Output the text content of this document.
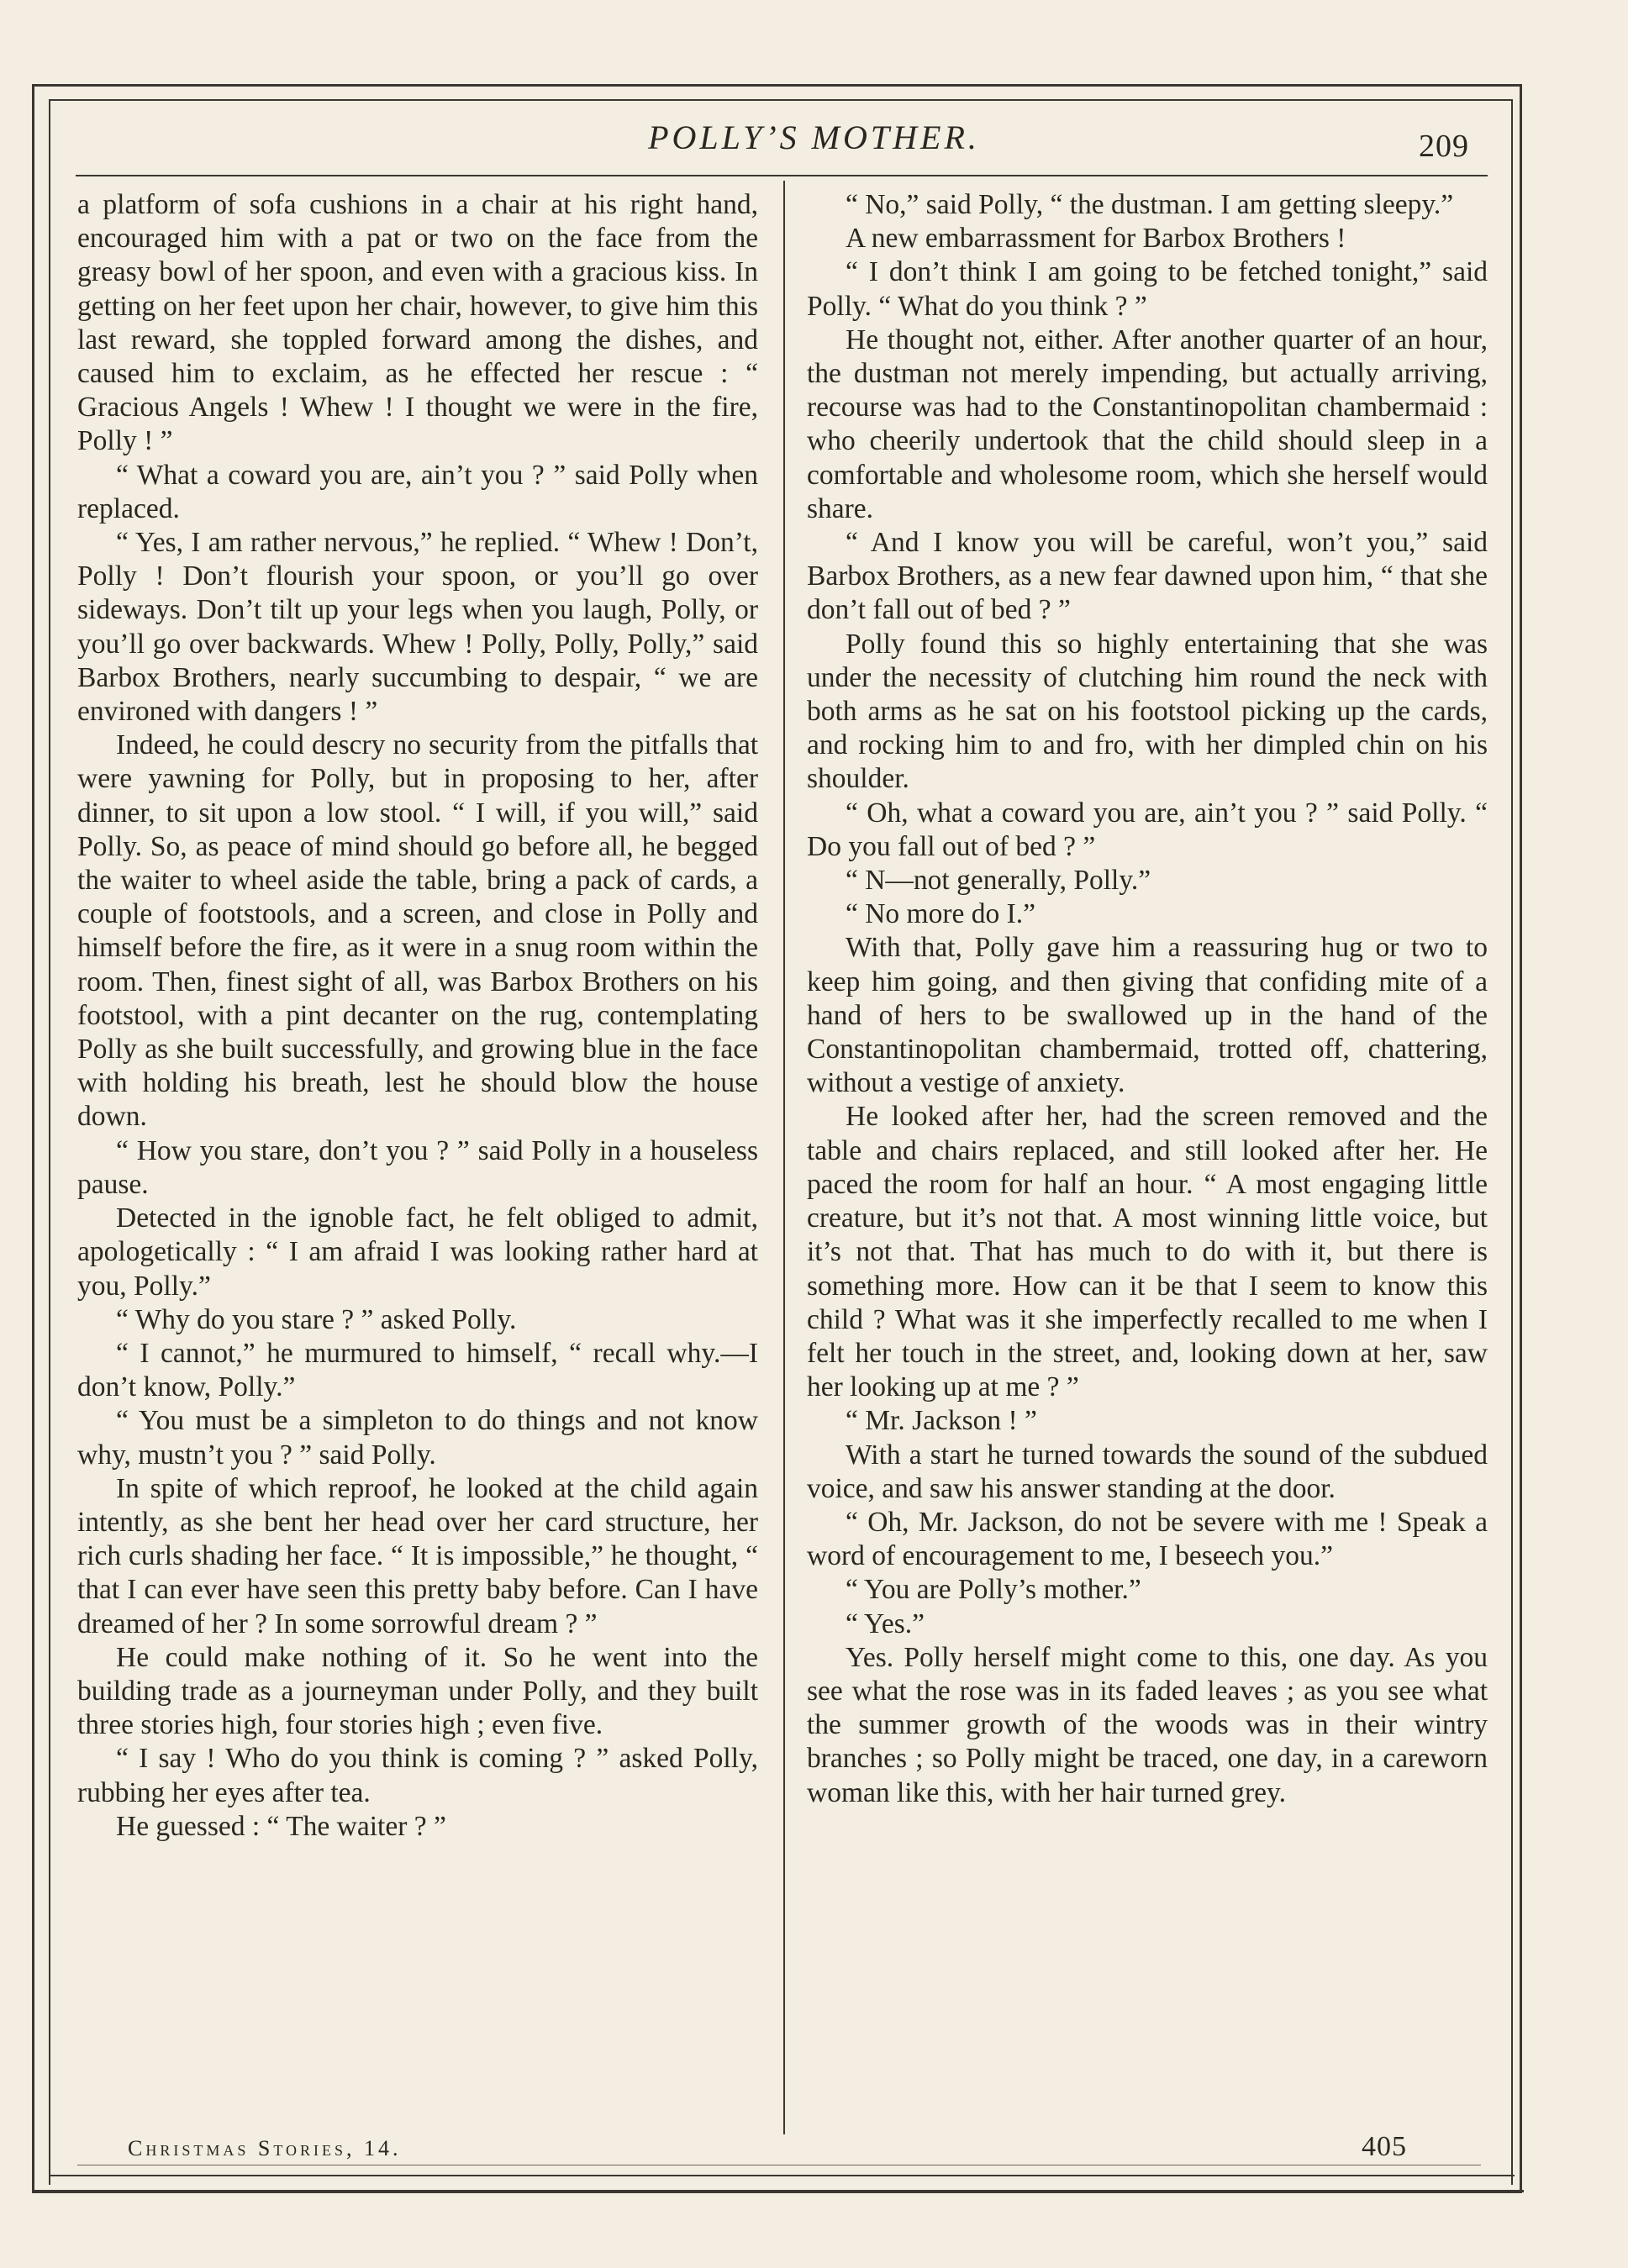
POLLY’S MOTHER.	209

a platform of sofa cushions in a chair at his right hand, encouraged him with a pat or two on the face from the greasy bowl of her spoon, and even with a gracious kiss. In getting on her feet upon her chair, however, to give him this last reward, she toppled forward among the dishes, and caused him to exclaim, as he effected her rescue : “ Gracious Angels ! Whew ! I thought we were in the fire, Polly ! ”

“ What a coward you are, ain’t you ? ” said Polly when replaced.

“ Yes, I am rather nervous,” he replied. “ Whew ! Don’t, Polly ! Don’t flourish your spoon, or you’ll go over sideways. Don’t tilt up your legs when you laugh, Polly, or you’ll go over backwards. Whew ! Polly, Polly, Polly,” said Barbox Brothers, nearly succumbing to despair, “ we are environed with dangers ! ”

Indeed, he could descry no security from the pitfalls that were yawning for Polly, but in proposing to her, after dinner, to sit upon a low stool. “ I will, if you will,” said Polly. So, as peace of mind should go before all, he begged the waiter to wheel aside the table, bring a pack of cards, a couple of footstools, and a screen, and close in Polly and himself before the fire, as it were in a snug room within the room. Then, finest sight of all, was Barbox Brothers on his footstool, with a pint decanter on the rug, contemplating Polly as she built successfully, and growing blue in the face with holding his breath, lest he should blow the house down.

“ How you stare, don’t you ? ” said Polly in a houseless pause.

Detected in the ignoble fact, he felt obliged to admit, apologetically : “ I am afraid I was looking rather hard at you, Polly.”

“ Why do you stare ? ” asked Polly.

“ I cannot,” he murmured to himself, “ recall why.—I don’t know, Polly.”

“ You must be a simpleton to do things and not know why, mustn’t you ? ” said Polly.

In spite of which reproof, he looked at the child again intently, as she bent her head over her card structure, her rich curls shading her face. “ It is impossible,” he thought, “ that I can ever have seen this pretty baby before. Can I have dreamed of her ? In some sorrowful dream ? ”

He could make nothing of it. So he went into the building trade as a journeyman under Polly, and they built three stories high, four stories high ; even five.

“ I say ! Who do you think is coming ? ” asked Polly, rubbing her eyes after tea.

He guessed : “ The waiter ? ”

“ No,” said Polly, “ the dustman. I am getting sleepy.”

A new embarrassment for Barbox Brothers !

“ I don’t think I am going to be fetched tonight,” said Polly. “ What do you think ? ”

He thought not, either. After another quarter of an hour, the dustman not merely impending, but actually arriving, recourse was had to the Constantinopolitan chambermaid : who cheerily undertook that the child should sleep in a comfortable and wholesome room, which she herself would share.

“ And I know you will be careful, won’t you,” said Barbox Brothers, as a new fear dawned upon him, “ that she don’t fall out of bed ? ”

Polly found this so highly entertaining that she was under the necessity of clutching him round the neck with both arms as he sat on his footstool picking up the cards, and rocking him to and fro, with her dimpled chin on his shoulder.

“ Oh, what a coward you are, ain’t you ? ” said Polly. “ Do you fall out of bed ? ”

“ N—not generally, Polly.”

“ No more do I.”

With that, Polly gave him a reassuring hug or two to keep him going, and then giving that confiding mite of a hand of hers to be swallowed up in the hand of the Constantinopolitan chambermaid, trotted off, chattering, without a vestige of anxiety.

He looked after her, had the screen removed and the table and chairs replaced, and still looked after her. He paced the room for half an hour. “ A most engaging little creature, but it’s not that. A most winning little voice, but it’s not that. That has much to do with it, but there is something more. How can it be that I seem to know this child ? What was it she imperfectly recalled to me when I felt her touch in the street, and, looking down at her, saw her looking up at me ? ”

“ Mr. Jackson ! ”

With a start he turned towards the sound of the subdued voice, and saw his answer standing at the door.

“ Oh, Mr. Jackson, do not be severe with me ! Speak a word of encouragement to me, I beseech you.”

“ You are Polly’s mother.”

“ Yes.”

Yes. Polly herself might come to this, one day. As you see what the rose was in its faded leaves ; as you see what the summer growth of the woods was in their wintry branches ; so Polly might be traced, one day, in a careworn woman like this, with her hair turned grey.

Christmas Stories, 14.	405
